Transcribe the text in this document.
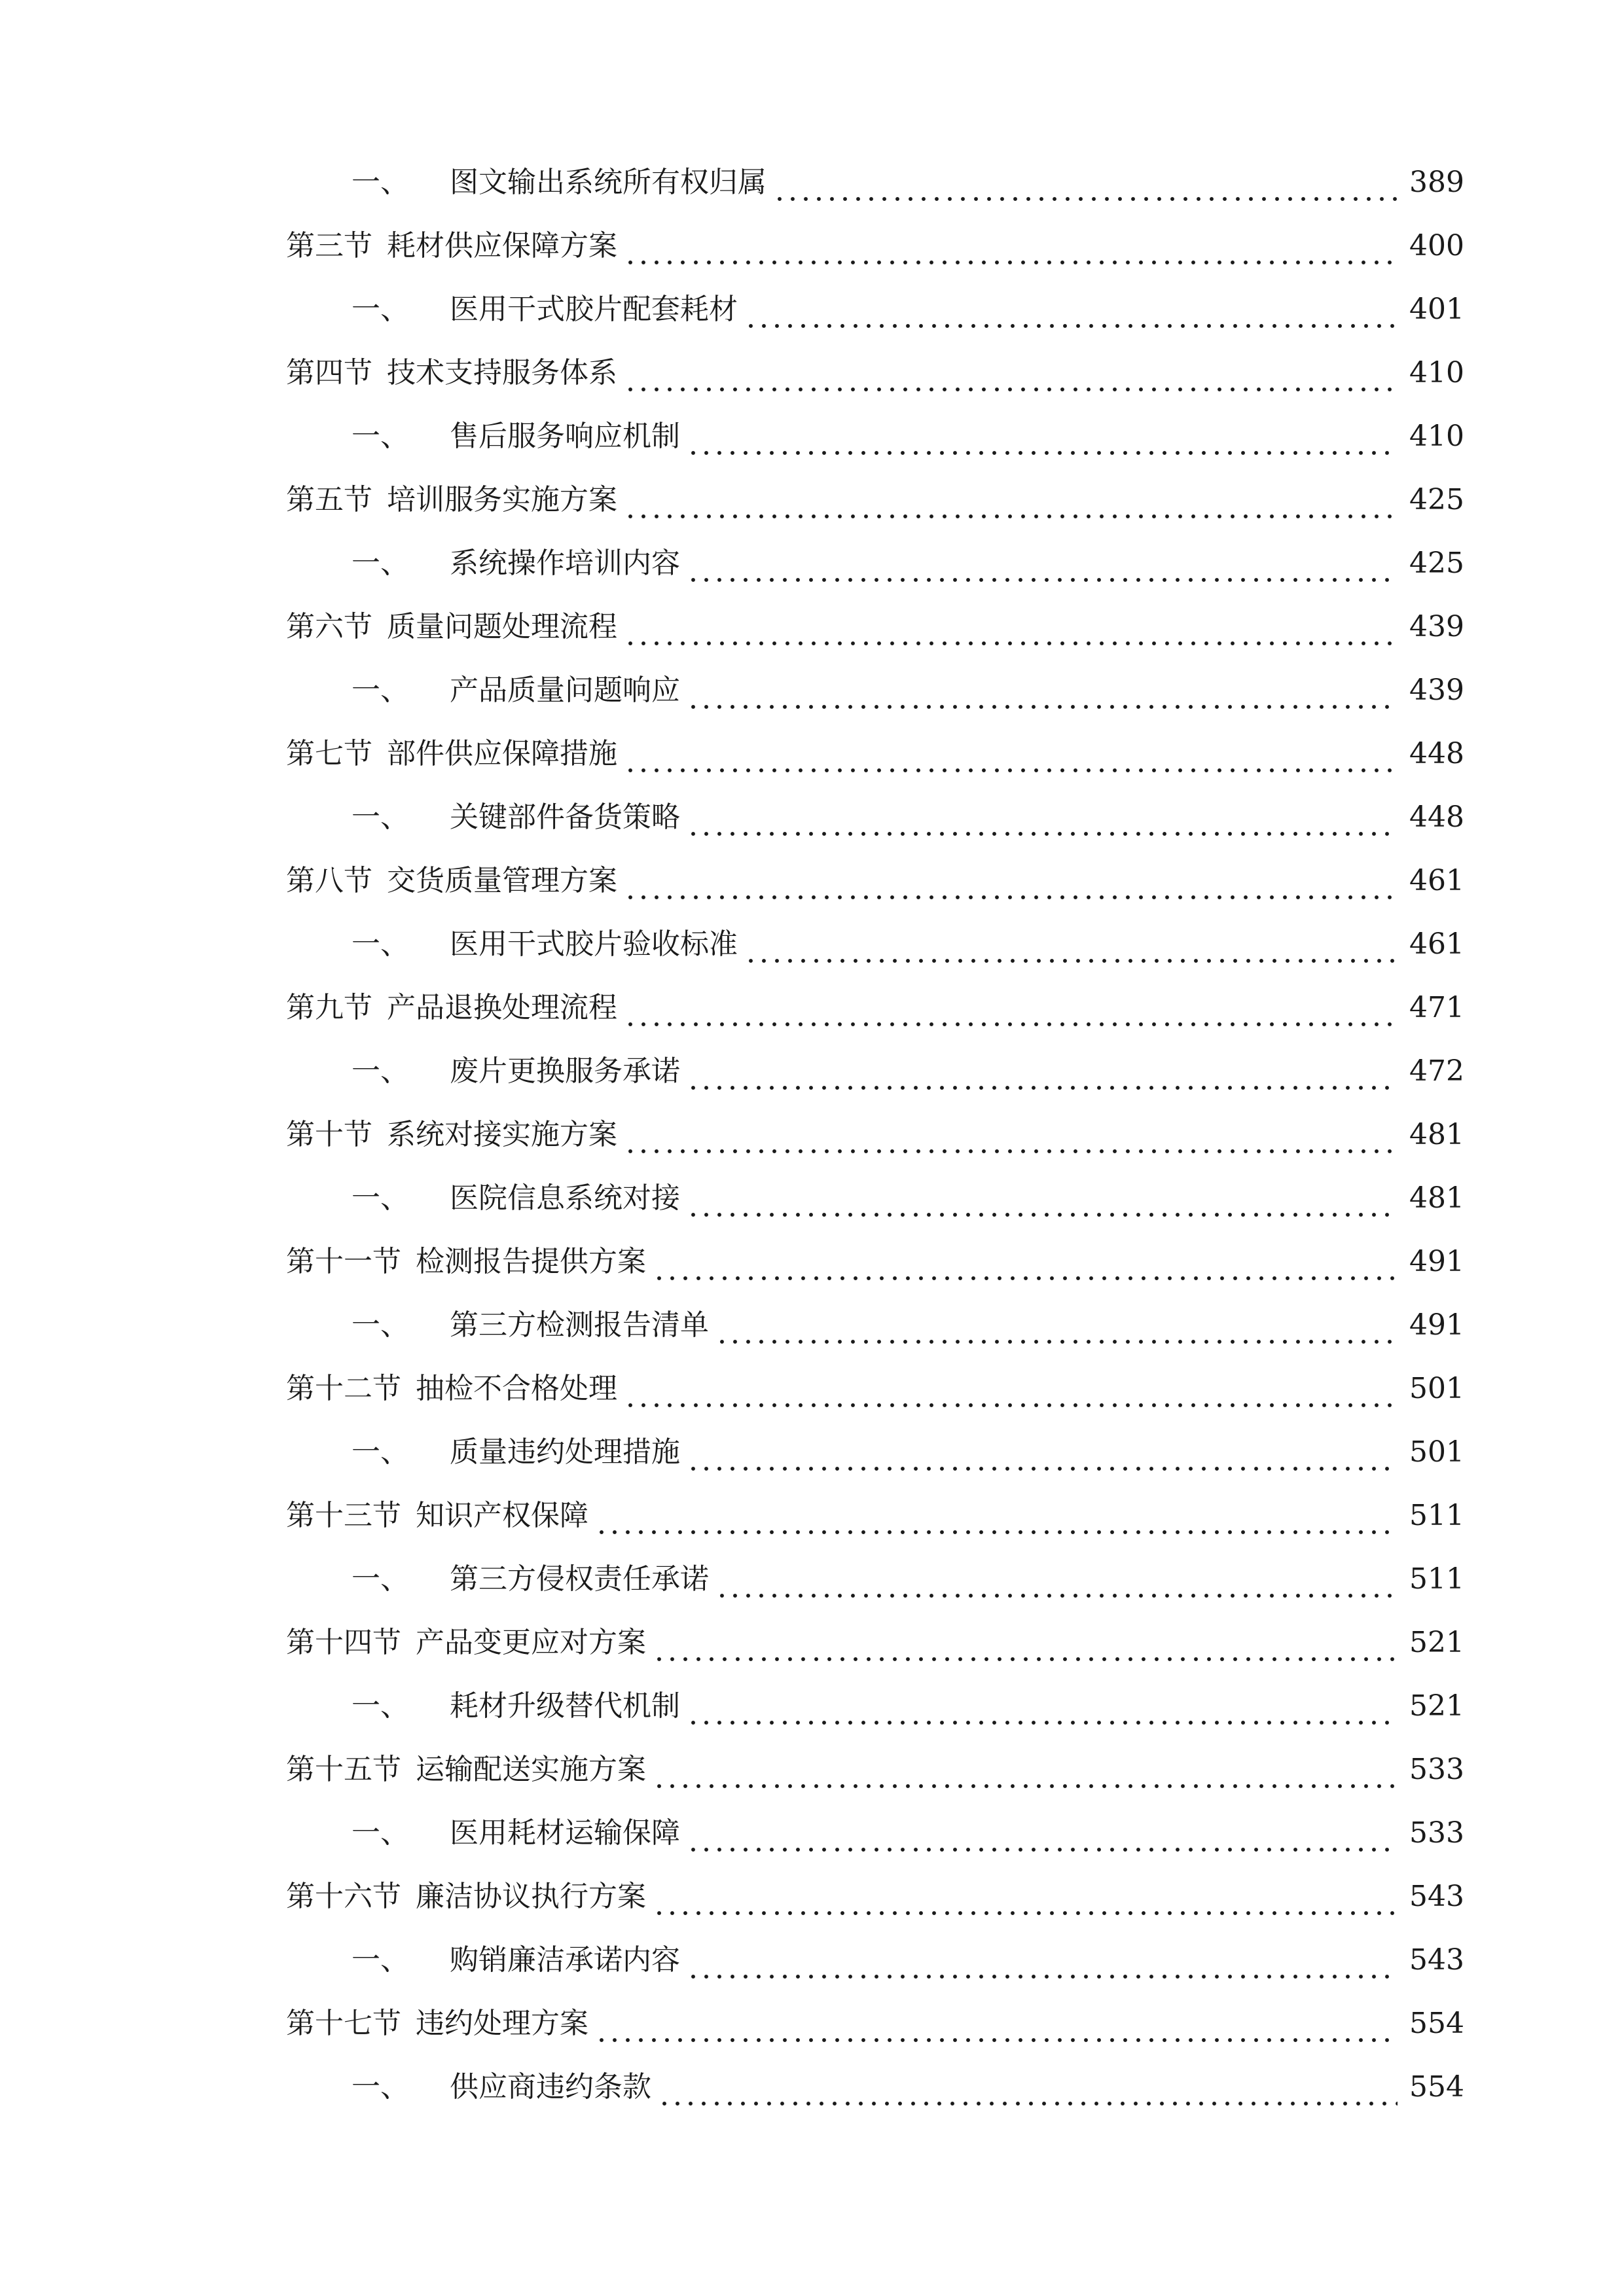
一、 图文输出系统所有权归属	389
第三节 耗材供应保障方案	400
一、 医用干式胶片配套耗材	401
第四节 技术支持服务体系	410
一、 售后服务响应机制	410
第五节 培训服务实施方案	425
一、 系统操作培训内容	425
第六节 质量问题处理流程	439
一、 产品质量问题响应	439
第七节 部件供应保障措施	448
一、 关键部件备货策略	448
第八节 交货质量管理方案	461
一、 医用干式胶片验收标准	461
第九节 产品退换处理流程	471
一、 废片更换服务承诺	472
第十节 系统对接实施方案	481
一、 医院信息系统对接	481
第十一节 检测报告提供方案	491
一、 第三方检测报告清单	491
第十二节 抽检不合格处理	501
一、 质量违约处理措施	501
第十三节 知识产权保障	511
一、 第三方侵权责任承诺	511
第十四节 产品变更应对方案	521
一、 耗材升级替代机制	521
第十五节 运输配送实施方案	533
一、 医用耗材运输保障	533
第十六节 廉洁协议执行方案	543
一、 购销廉洁承诺内容	543
第十七节 违约处理方案	554
一、 供应商违约条款	554
